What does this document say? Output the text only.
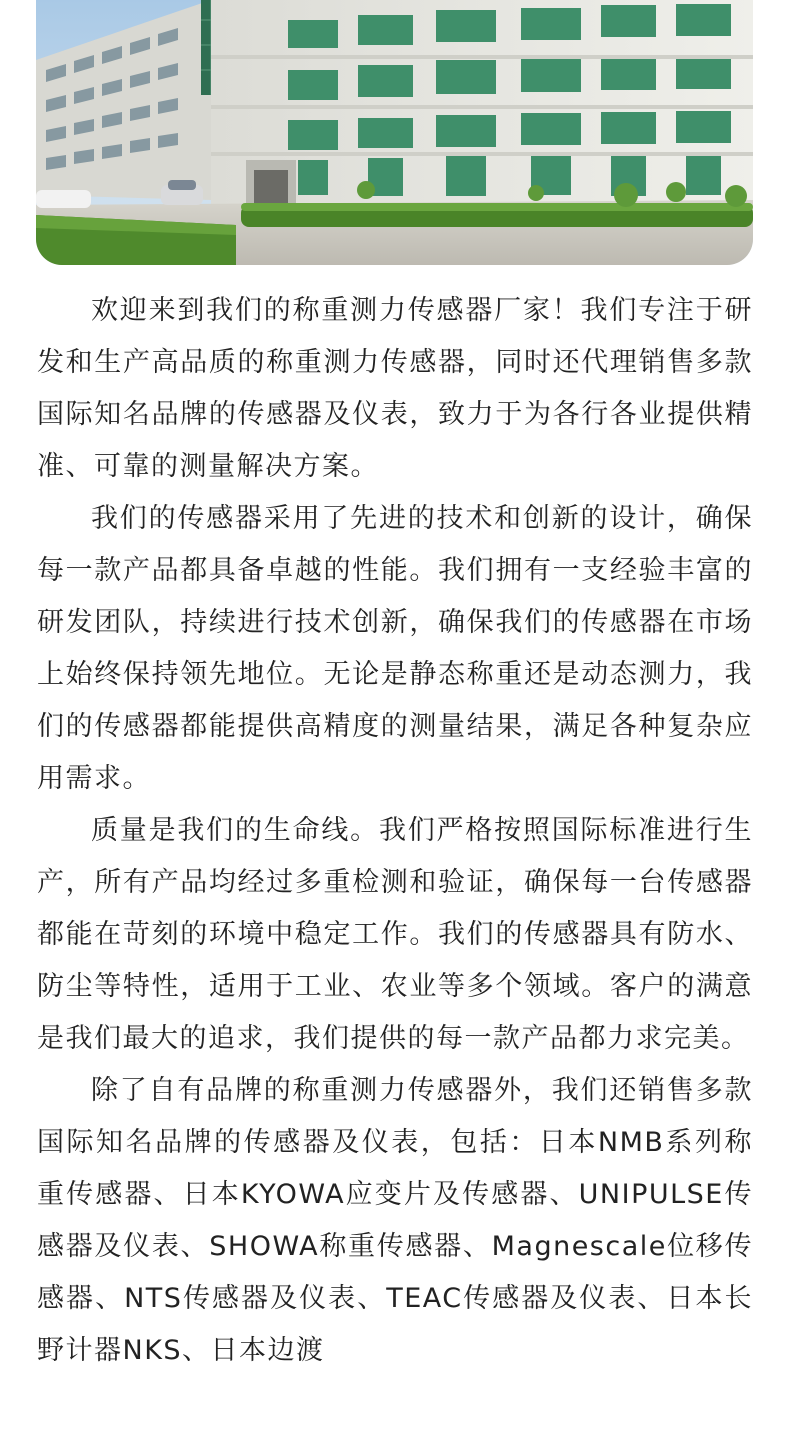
欢迎来到我们的称重测力传感器厂家！我们专注于研发和生产高品质的称重测力传感器，同时还代理销售多款国际知名品牌的传感器及仪表，致力于为各行各业提供精准、可靠的测量解决方案。

我们的传感器采用了先进的技术和创新的设计，确保每一款产品都具备卓越的性能。我们拥有一支经验丰富的研发团队，持续进行技术创新，确保我们的传感器在市场上始终保持领先地位。无论是静态称重还是动态测力，我们的传感器都能提供高精度的测量结果，满足各种复杂应用需求。

质量是我们的生命线。我们严格按照国际标准进行生产，所有产品均经过多重检测和验证，确保每一台传感器都能在苛刻的环境中稳定工作。我们的传感器具有防水、防尘等特性，适用于工业、农业等多个领域。客户的满意是我们最大的追求，我们提供的每一款产品都力求完美。

除了自有品牌的称重测力传感器外，我们还销售多款国际知名品牌的传感器及仪表，包括：日本NMB系列称重传感器、日本KYOWA应变片及传感器、UNIPULSE传感器及仪表、SHOWA称重传感器、Magnescale位移传感器、NTS传感器及仪表、TEAC传感器及仪表、日本长野计器NKS、日本边渡
